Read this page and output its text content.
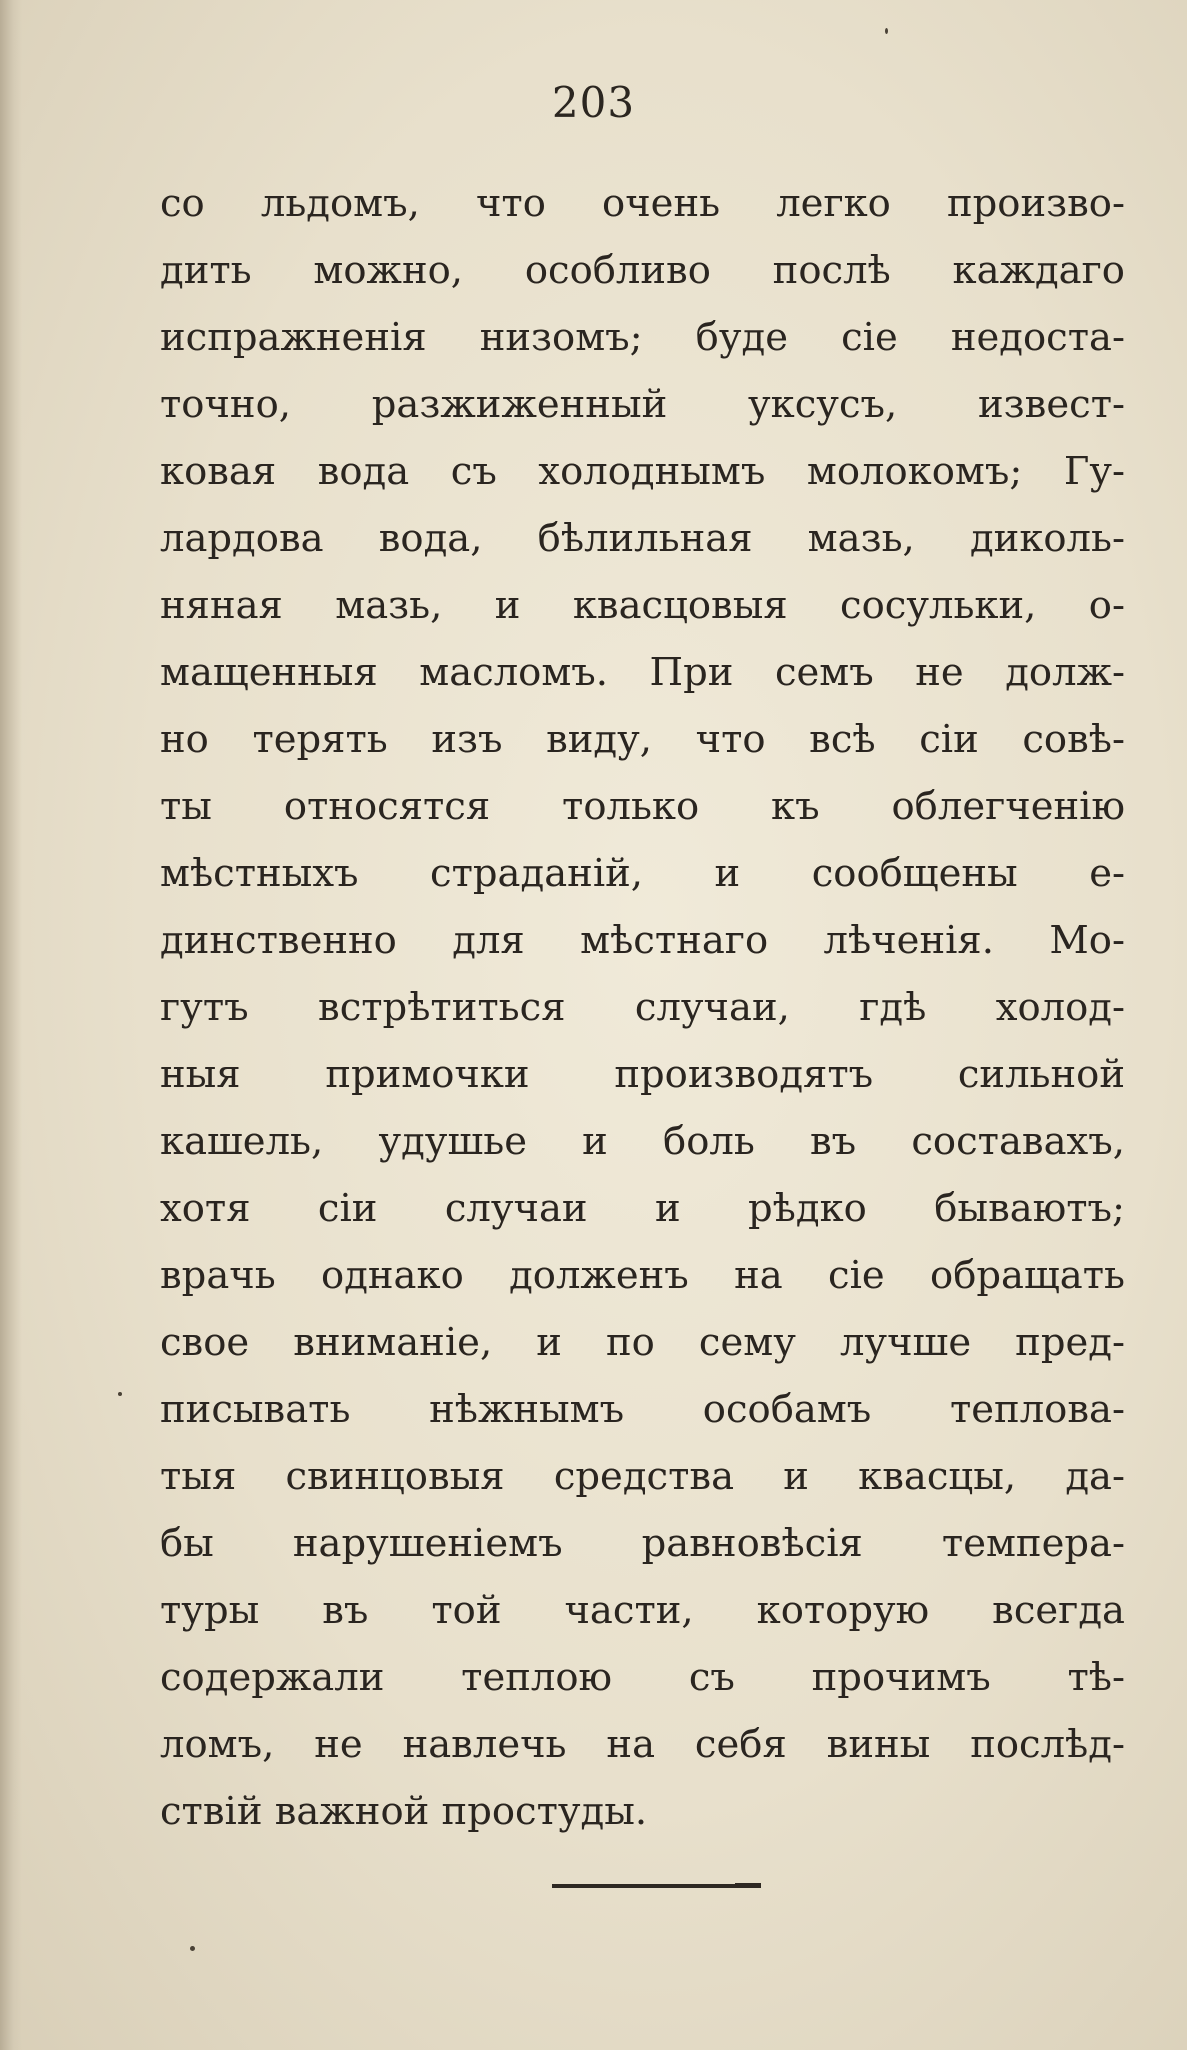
203
со льдомъ, что очень легко произво-
дить можно, особливо послѣ каждаго
испражненія низомъ; буде сіе недоста-
точно, разжиженный уксусъ, извест-
ковая вода съ холоднымъ молокомъ; Гу-
лардова вода, бѣлильная мазь, диколь-
няная мазь, и квасцовыя сосульки, о-
мащенныя масломъ. При семъ не долж-
но терять изъ виду, что всѣ сіи совѣ-
ты относятся только къ облегченію
мѣстныхъ страданій, и сообщены е-
динственно для мѣстнаго лѣченія. Мо-
гутъ встрѣтиться случаи, гдѣ холод-
ныя примочки производятъ сильной
кашель, удушье и боль въ составахъ,
хотя сіи случаи и рѣдко бываютъ;
врачь однако долженъ на сіе обращать
свое вниманіе, и по сему лучше пред-
писывать нѣжнымъ особамъ теплова-
тыя свинцовыя средства и квасцы, да-
бы нарушеніемъ равновѣсія темпера-
туры въ той части, которую всегда
содержали теплою съ прочимъ тѣ-
ломъ, не навлечь на себя вины послѣд-
ствій важной простуды.
